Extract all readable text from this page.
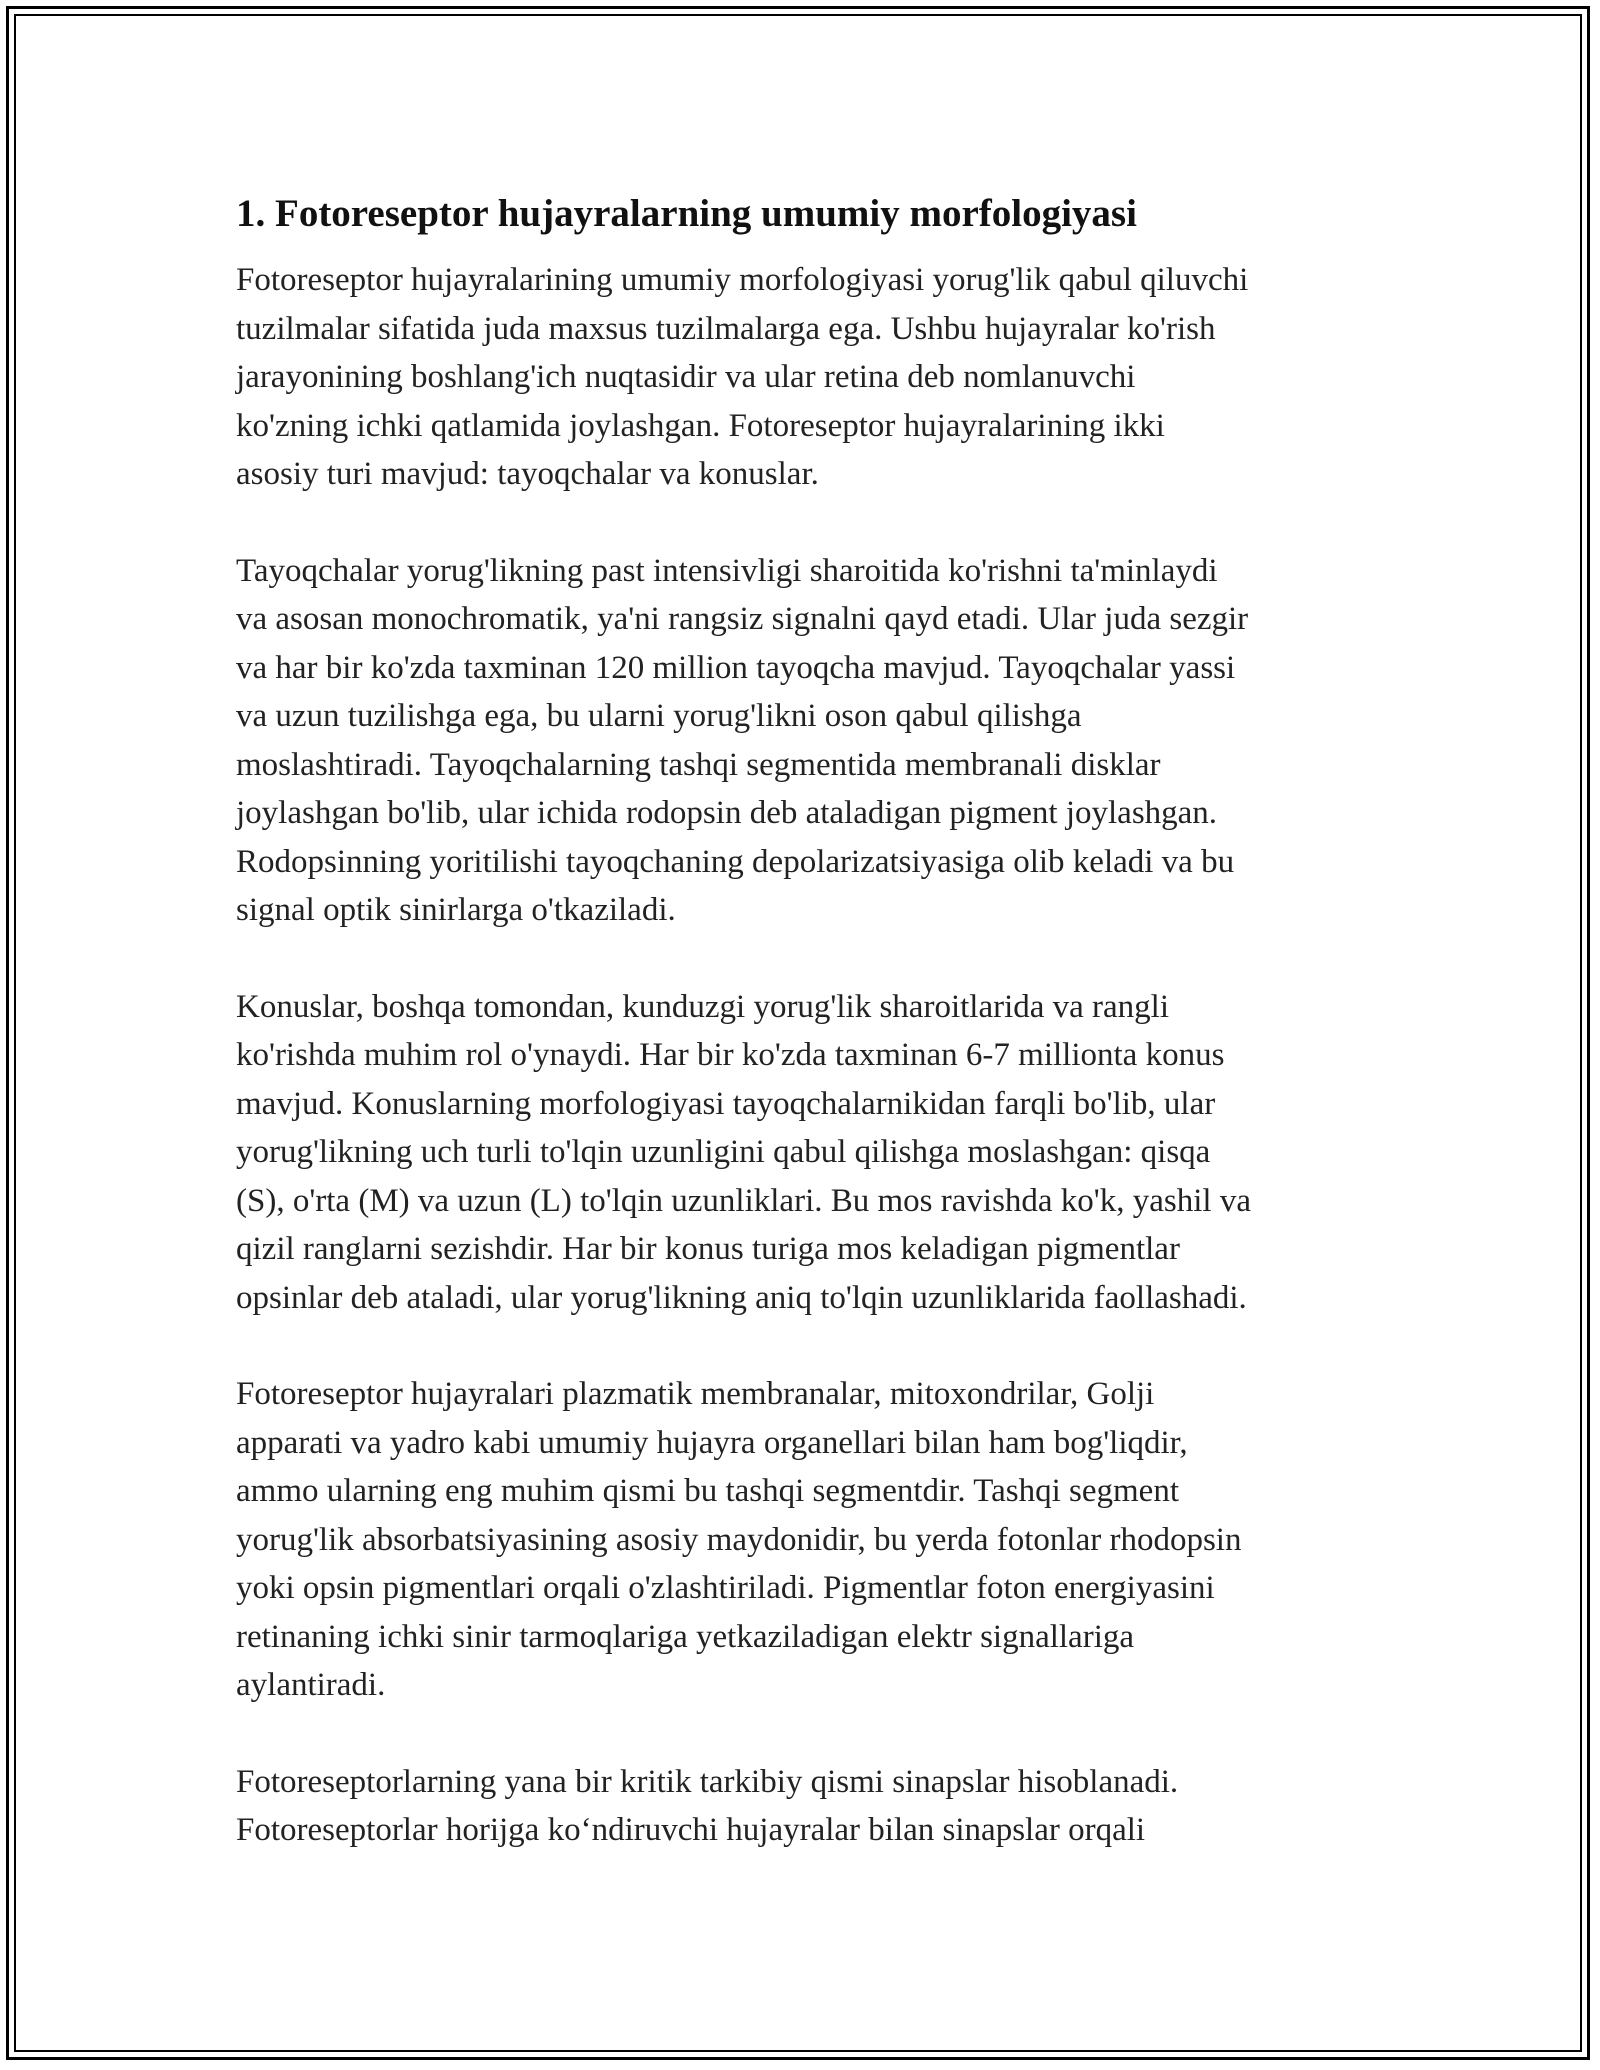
1. Fotoreseptor hujayralarning umumiy morfologiyasi

Fotoreseptor hujayralarining umumiy morfologiyasi yorug'lik qabul qiluvchi
tuzilmalar sifatida juda maxsus tuzilmalarga ega. Ushbu hujayralar ko'rish
jarayonining boshlang'ich nuqtasidir va ular retina deb nomlanuvchi
ko'zning ichki qatlamida joylashgan. Fotoreseptor hujayralarining ikki
asosiy turi mavjud: tayoqchalar va konuslar.

Tayoqchalar yorug'likning past intensivligi sharoitida ko'rishni ta'minlaydi
va asosan monochromatik, ya'ni rangsiz signalni qayd etadi. Ular juda sezgir
va har bir ko'zda taxminan 120 million tayoqcha mavjud. Tayoqchalar yassi
va uzun tuzilishga ega, bu ularni yorug'likni oson qabul qilishga
moslashtiradi. Tayoqchalarning tashqi segmentida membranali disklar
joylashgan bo'lib, ular ichida rodopsin deb ataladigan pigment joylashgan.
Rodopsinning yoritilishi tayoqchaning depolarizatsiyasiga olib keladi va bu
signal optik sinirlarga o'tkaziladi.

Konuslar, boshqa tomondan, kunduzgi yorug'lik sharoitlarida va rangli
ko'rishda muhim rol o'ynaydi. Har bir ko'zda taxminan 6-7 millionta konus
mavjud. Konuslarning morfologiyasi tayoqchalarnikidan farqli bo'lib, ular
yorug'likning uch turli to'lqin uzunligini qabul qilishga moslashgan: qisqa
(S), o'rta (M) va uzun (L) to'lqin uzunliklari. Bu mos ravishda ko'k, yashil va
qizil ranglarni sezishdir. Har bir konus turiga mos keladigan pigmentlar
opsinlar deb ataladi, ular yorug'likning aniq to'lqin uzunliklarida faollashadi.

Fotoreseptor hujayralari plazmatik membranalar, mitoxondrilar, Golji
apparati va yadro kabi umumiy hujayra organellari bilan ham bog'liqdir,
ammo ularning eng muhim qismi bu tashqi segmentdir. Tashqi segment
yorug'lik absorbatsiyasining asosiy maydonidir, bu yerda fotonlar rhodopsin
yoki opsin pigmentlari orqali o'zlashtiriladi. Pigmentlar foton energiyasini
retinaning ichki sinir tarmoqlariga yetkaziladigan elektr signallariga
aylantiradi.

Fotoreseptorlarning yana bir kritik tarkibiy qismi sinapslar hisoblanadi.
Fotoreseptorlar horijga koʻndiruvchi hujayralar bilan sinapslar orqali
